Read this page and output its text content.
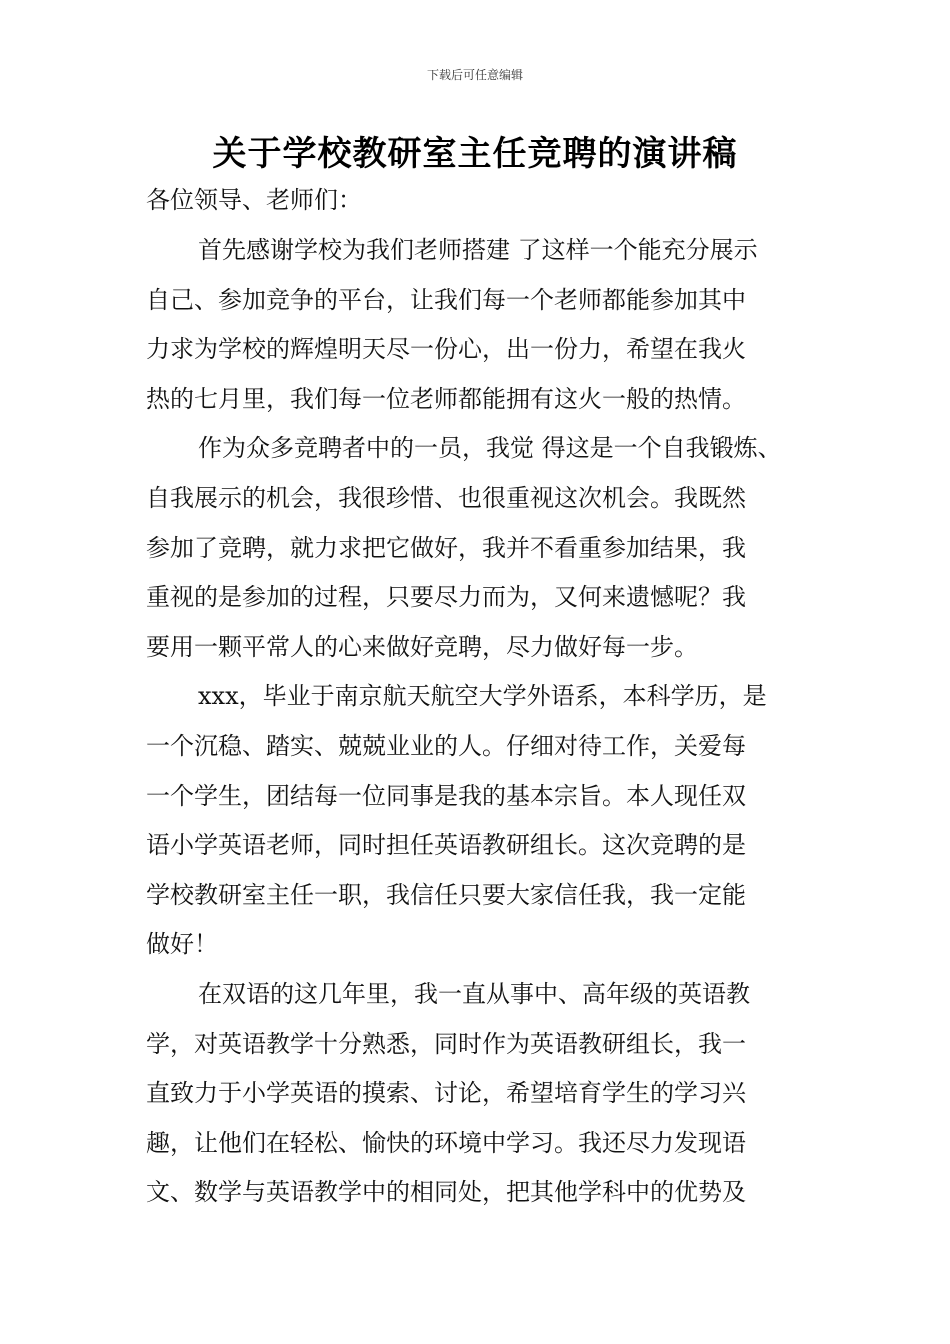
下载后可任意编辑
关于学校教研室主任竞聘的演讲稿

各位领导、老师们：

首先感谢学校为我们老师搭建 了这样一个能充分展示
自己、参加竞争的平台，让我们每一个老师都能参加其中
力求为学校的辉煌明天尽一份心，出一份力，希望在我火
热的七月里，我们每一位老师都能拥有这火一般的热情。
作为众多竞聘者中的一员，我觉 得这是一个自我锻炼、
自我展示的机会，我很珍惜、也很重视这次机会。我既然
参加了竞聘，就力求把它做好，我并不看重参加结果，我
重视的是参加的过程，只要尽力而为，又何来遗憾呢？我
要用一颗平常人的心来做好竞聘，尽力做好每一步。
xxx，毕业于南京航天航空大学外语系，本科学历，是
一个沉稳、踏实、兢兢业业的人。仔细对待工作，关爱每
一个学生，团结每一位同事是我的基本宗旨。本人现任双
语小学英语老师，同时担任英语教研组长。这次竞聘的是
学校教研室主任一职，我信任只要大家信任我，我一定能
做好！
在双语的这几年里，我一直从事中、高年级的英语教
学，对英语教学十分熟悉，同时作为英语教研组长，我一
直致力于小学英语的摸索、讨论，希望培育学生的学习兴
趣，让他们在轻松、愉快的环境中学习。我还尽力发现语
文、数学与英语教学中的相同处，把其他学科中的优势及
